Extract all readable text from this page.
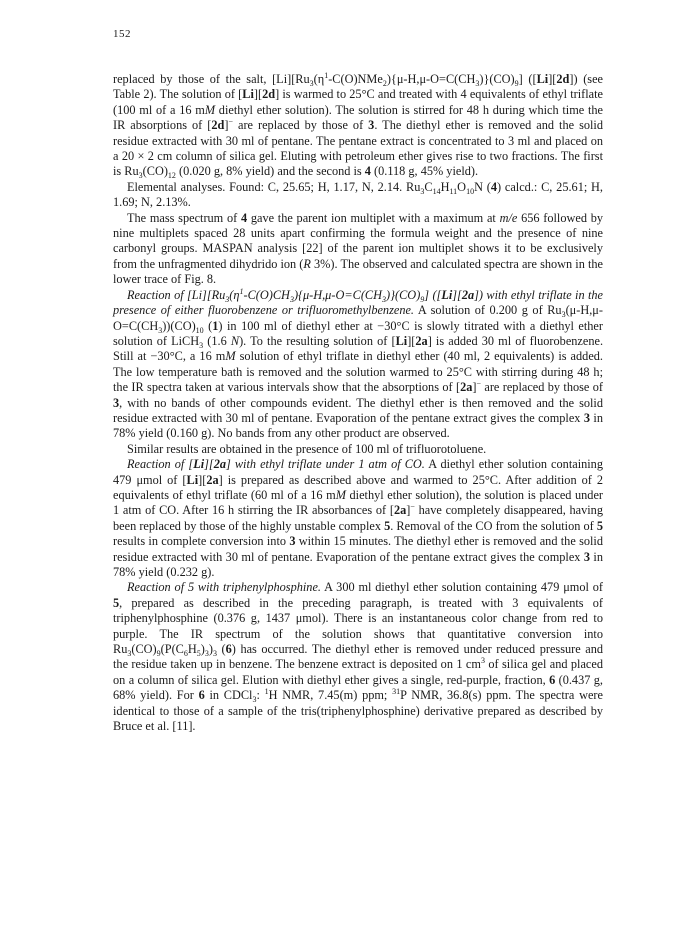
152

replaced by those of the salt, $[Li][Ru_3(\eta^1-C(O)NMe_2)\{\mu-H,\mu-O=C(CH_3)\}(CO)_9]$ ([Li][2d]) (see Table 2). The solution of [Li][2d] is warmed to 25°C and treated with 4 equivalents of ethyl triflate (100 ml of a 16 mM diethyl ether solution). The solution is stirred for 48 h during which time the IR absorptions of [2d]− are replaced by those of 3. The diethyl ether is removed and the solid residue extracted with 30 ml of pentane. The pentane extract is concentrated to 3 ml and placed on a 20 × 2 cm column of silica gel. Eluting with petroleum ether gives rise to two fractions. The first is $Ru_3(CO)_{12}$ (0.020 g, 8% yield) and the second is 4 (0.118 g, 45% yield).

Elemental analyses. Found: C, 25.65; H, 1.17, N, 2.14. $Ru_3C_{14}H_{11}O_{10}N$ (4) calcd.: C, 25.61; H, 1.69; N, 2.13%.

The mass spectrum of 4 gave the parent ion multiplet with a maximum at m/e 656 followed by nine multiplets spaced 28 units apart confirming the formula weight and the presence of nine carbonyl groups. MASPAN analysis [22] of the parent ion multiplet shows it to be exclusively from the unfragmented dihydrido ion (R 3%). The observed and calculated spectra are shown in the lower trace of Fig. 8.

Reaction of $[Li][Ru_3(\eta^1-C(O)CH_3)\{\mu-H,\mu-O=C(CH_3)\}(CO)_9]$ ([Li][2a]) with ethyl triflate in the presence of either fluorobenzene or trifluoromethylbenzene. A solution of 0.200 g of $Ru_3(\mu-H,\mu-O=C(CH_3))(CO)_{10}$ (1) in 100 ml of diethyl ether at −30°C is slowly titrated with a diethyl ether solution of LiCH$_3$ (1.6 N). To the resulting solution of [Li][2a] is added 30 ml of fluorobenzene. Still at −30°C, a 16 mM solution of ethyl triflate in diethyl ether (40 ml, 2 equivalents) is added. The low temperature bath is removed and the solution warmed to 25°C with stirring during 48 h; the IR spectra taken at various intervals show that the absorptions of [2a]− are replaced by those of 3, with no bands of other compounds evident. The diethyl ether is then removed and the solid residue extracted with 30 ml of pentane. Evaporation of the pentane extract gives the complex 3 in 78% yield (0.160 g). No bands from any other product are observed.

Similar results are obtained in the presence of 100 ml of trifluorotoluene.

Reaction of [Li][2a] with ethyl triflate under 1 atm of CO. A diethyl ether solution containing 479 μmol of [Li][2a] is prepared as described above and warmed to 25°C. After addition of 2 equivalents of ethyl triflate (60 ml of a 16 mM diethyl ether solution), the solution is placed under 1 atm of CO. After 16 h stirring the IR absorbances of [2a]− have completely disappeared, having been replaced by those of the highly unstable complex 5. Removal of the CO from the solution of 5 results in complete conversion into 3 within 15 minutes. The diethyl ether is removed and the solid residue extracted with 30 ml of pentane. Evaporation of the pentane extract gives the complex 3 in 78% yield (0.232 g).

Reaction of 5 with triphenylphosphine. A 300 ml diethyl ether solution containing 479 μmol of 5, prepared as described in the preceding paragraph, is treated with 3 equivalents of triphenylphosphine (0.376 g, 1437 μmol). There is an instantaneous color change from red to purple. The IR spectrum of the solution shows that quantitative conversion into $Ru_3(CO)_9(P(C_6H_5)_3)_3$ (6) has occurred. The diethyl ether is removed under reduced pressure and the residue taken up in benzene. The benzene extract is deposited on 1 $cm^3$ of silica gel and placed on a column of silica gel. Elution with diethyl ether gives a single, red-purple, fraction, 6 (0.437 g, 68% yield). For 6 in CDCl$_3$: $^1$H NMR, 7.45(m) ppm; $^{31}$P NMR, 36.8(s) ppm. The spectra were identical to those of a sample of the tris(triphenylphosphine) derivative prepared as described by Bruce et al. [11].
